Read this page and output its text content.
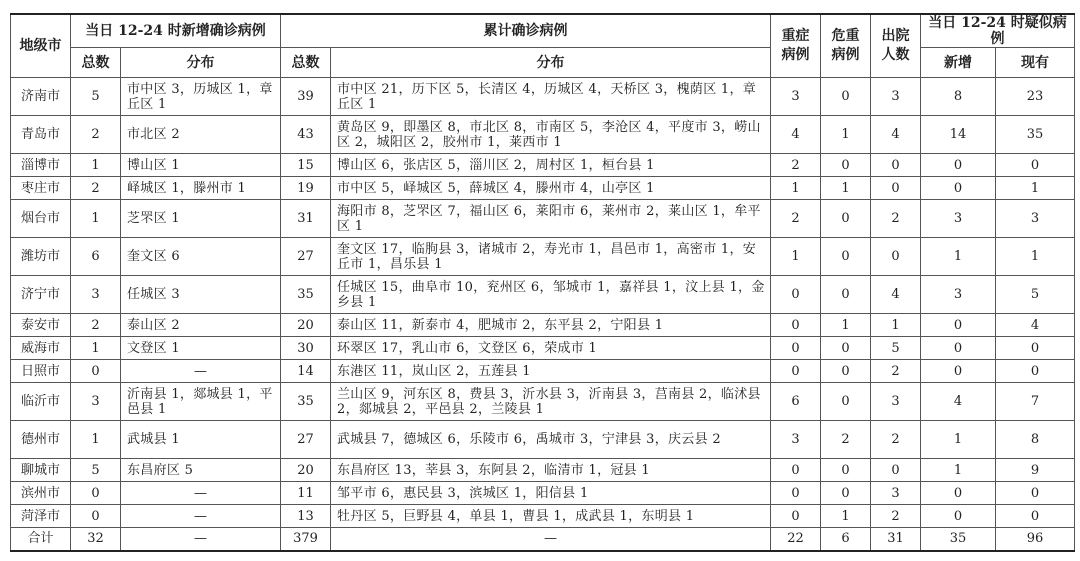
地级市	当日 12-24 时新增确诊病例		累计确诊病例		重症病例	危重病例	出院人数	当日 12-24 时疑似病例	
	总数	分布	总数	分布				新增	现有
济南市	5	市中区 3，历城区 1，章丘区 1	39	市中区 21，历下区 5，长清区 4，历城区 4，天桥区 3，槐荫区 1，章丘区 1	3	0	3	8	23
青岛市	2	市北区 2	43	黄岛区 9，即墨区 8，市北区 8，市南区 5，李沧区 4，平度市 3，崂山区 2，城阳区 2，胶州市 1，莱西市 1	4	1	4	14	35
淄博市	1	博山区 1	15	博山区 6，张店区 5，淄川区 2，周村区 1，桓台县 1	2	0	0	0	0
枣庄市	2	峄城区 1，滕州市 1	19	市中区 5，峄城区 5，薛城区 4，滕州市 4，山亭区 1	1	1	0	0	1
烟台市	1	芝罘区 1	31	海阳市 8，芝罘区 7，福山区 6，莱阳市 6，莱州市 2，莱山区 1，牟平区 1	2	0	2	3	3
潍坊市	6	奎文区 6	27	奎文区 17，临朐县 3，诸城市 2，寿光市 1，昌邑市 1，高密市 1，安丘市 1，昌乐县 1	1	0	0	1	1
济宁市	3	任城区 3	35	任城区 15，曲阜市 10，兖州区 6，邹城市 1，嘉祥县 1，汶上县 1，金乡县 1	0	0	4	3	5
泰安市	2	泰山区 2	20	泰山区 11，新泰市 4，肥城市 2，东平县 2，宁阳县 1	0	1	1	0	4
威海市	1	文登区 1	30	环翠区 17，乳山市 6，文登区 6，荣成市 1	0	0	5	0	0
日照市	0	—	14	东港区 11，岚山区 2，五莲县 1	0	0	2	0	0
临沂市	3	沂南县 1，郯城县 1，平邑县 1	35	兰山区 9，河东区 8，费县 3，沂水县 3，沂南县 3，莒南县 2，临沭县 2，郯城县 2，平邑县 2，兰陵县 1	6	0	3	4	7
德州市	1	武城县 1	27	武城县 7，德城区 6，乐陵市 6，禹城市 3，宁津县 3，庆云县 2	3	2	2	1	8
聊城市	5	东昌府区 5	20	东昌府区 13，莘县 3，东阿县 2，临清市 1，冠县 1	0	0	0	1	9
滨州市	0	—	11	邹平市 6，惠民县 3，滨城区 1，阳信县 1	0	0	3	0	0
菏泽市	0	—	13	牡丹区 5，巨野县 4，单县 1，曹县 1，成武县 1，东明县 1	0	1	2	0	0
合计	32	—	379	—	22	6	31	35	96
